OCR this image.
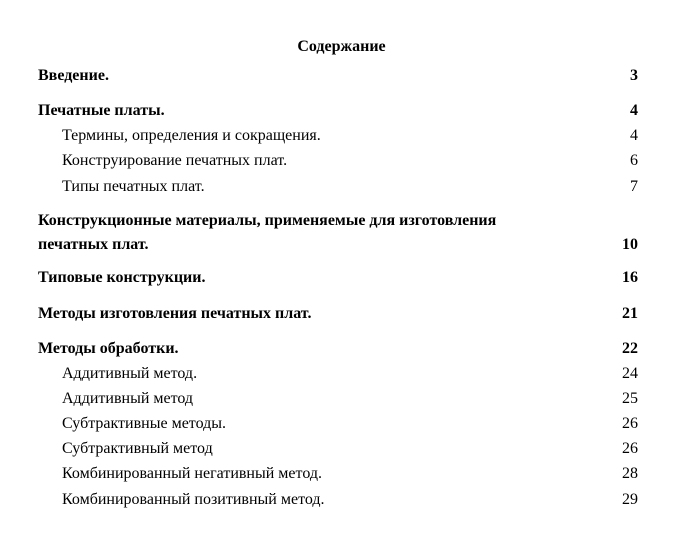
Содержание
Введение.	3
Печатные платы.	4
Термины, определения и сокращения.	4
Конструирование печатных плат.	6
Типы печатных плат.	7
Конструкционные материалы, применяемые для изготовления
печатных плат.	10
Типовые конструкции.	16
Методы изготовления печатных плат.	21
Методы обработки.	22
Аддитивный метод.	24
Аддитивный метод	25
Субтрактивные методы.	26
Субтрактивный метод	26
Комбинированный негативный метод.	28
Комбинированный позитивный метод.	29
